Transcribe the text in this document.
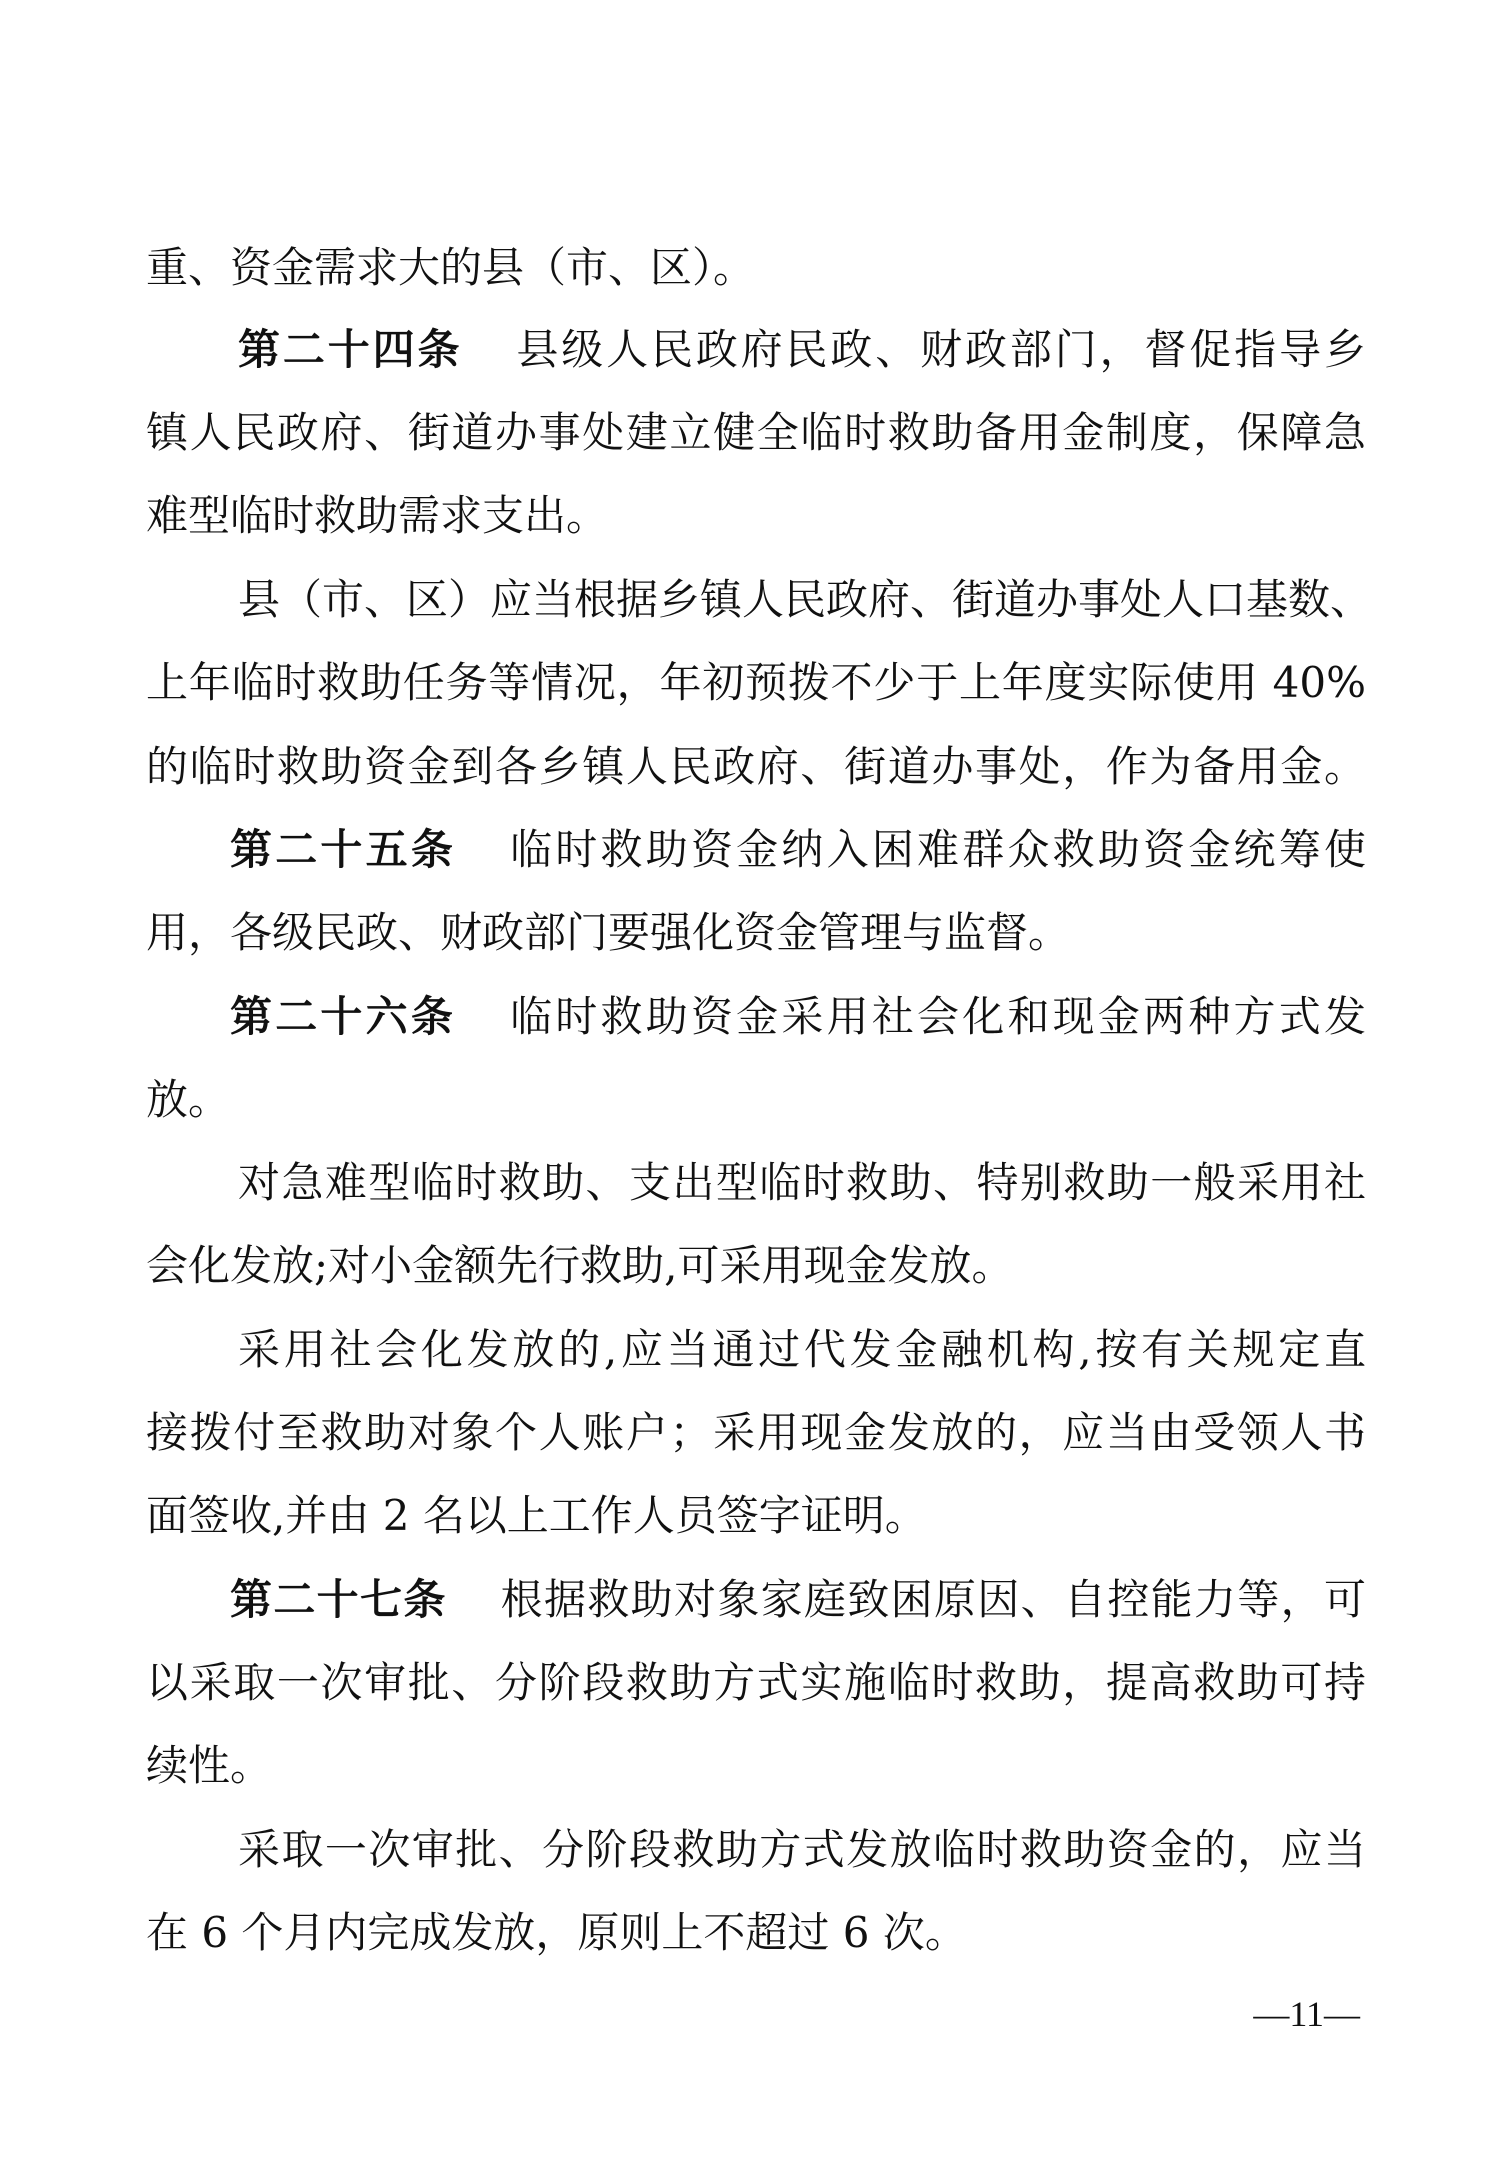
重、资金需求大的县（市、区）。
第二十四条 县级人民政府民政、财政部门，督促指导乡
镇人民政府、街道办事处建立健全临时救助备用金制度，保障急
难型临时救助需求支出。
县（市、区）应当根据乡镇人民政府、街道办事处人口基数、
上年临时救助任务等情况，年初预拨不少于上年度实际使用 40%
的临时救助资金到各乡镇人民政府、街道办事处，作为备用金。
第二十五条 临时救助资金纳入困难群众救助资金统筹使
用，各级民政、财政部门要强化资金管理与监督。
第二十六条 临时救助资金采用社会化和现金两种方式发
放。
对急难型临时救助、支出型临时救助、特别救助一般采用社
会化发放;对小金额先行救助,可采用现金发放。
采用社会化发放的,应当通过代发金融机构,按有关规定直
接拨付至救助对象个人账户；采用现金发放的，应当由受领人书
面签收,并由 2 名以上工作人员签字证明。
第二十七条 根据救助对象家庭致困原因、自控能力等，可
以采取一次审批、分阶段救助方式实施临时救助，提高救助可持
续性。
采取一次审批、分阶段救助方式发放临时救助资金的，应当
在 6 个月内完成发放，原则上不超过 6 次。
—11—
